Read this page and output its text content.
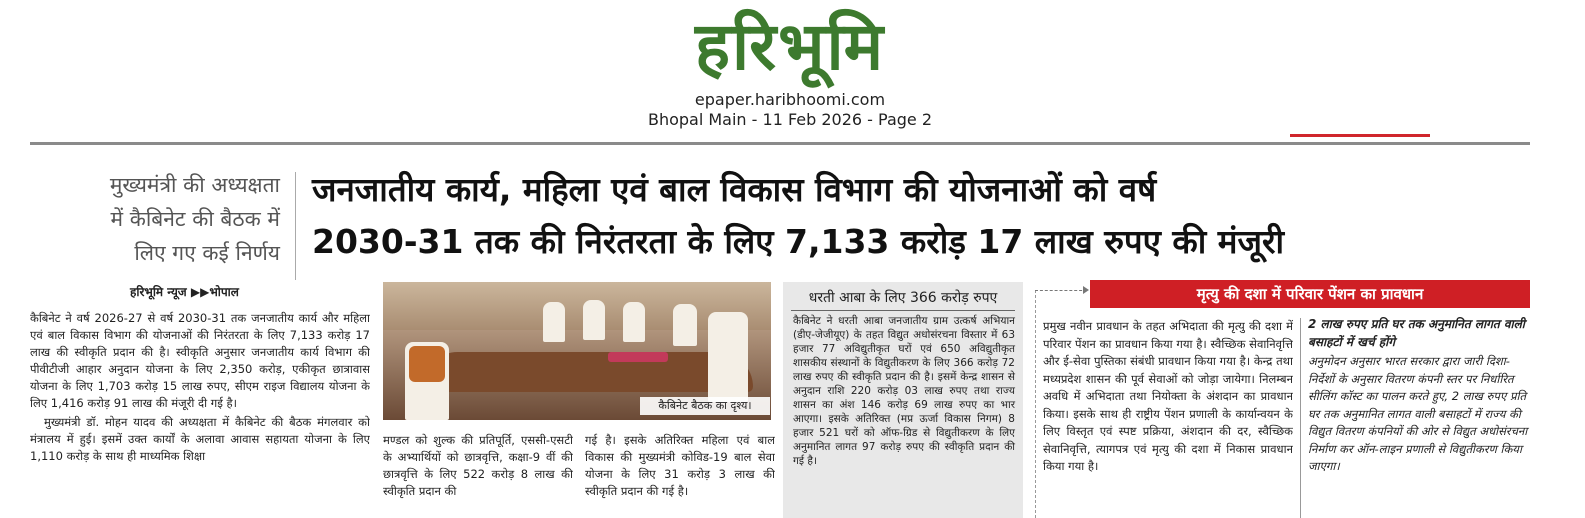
हरिभूमि
epaper.haribhoomi.com
Bhopal Main - 11 Feb 2026 - Page 2
मुख्यमंत्री की अध्यक्षता
में कैबिनेट की बैठक में
लिए गए कई निर्णय
हरिभूमि न्यूज ▶▶भोपाल
जनजातीय कार्य, महिला एवं बाल विकास विभाग की योजनाओं को वर्ष
2030-31 तक की निरंतरता के लिए 7,133 करोड़ 17 लाख रुपए की मंजूरी

कैबिनेट ने वर्ष 2026-27 से वर्ष 2030-31 तक जनजातीय कार्य और महिला एवं बाल विकास विभाग की योजनाओं की निरंतरता के लिए 7,133 करोड़ 17 लाख की स्वीकृति प्रदान की है। स्वीकृति अनुसार जनजातीय कार्य विभाग की पीवीटीजी आहार अनुदान योजना के लिए 2,350 करोड़, एकीकृत छात्रावास योजना के लिए 1,703 करोड़ 15 लाख रुपए, सीएम राइज विद्यालय योजना के लिए 1,416 करोड़ 91 लाख की मंजूरी दी गई है।

मुख्यमंत्री डॉ. मोहन यादव की अध्यक्षता में कैबिनेट की बैठक मंगलवार को मंत्रालय में हुई। इसमें उक्त कार्यों के अलावा आवास सहायता योजना के लिए 1,110 करोड़ के साथ ही माध्यमिक शिक्षा

कैबिनेट बैठक का दृश्य।
मण्डल को शुल्क की प्रतिपूर्ति, एससी-एसटी के अभ्यार्थियों को छात्रवृत्ति, कक्षा-9 वीं की छात्रवृत्ति के लिए 522 करोड़ 8 लाख की स्वीकृति प्रदान की
गई है। इसके अतिरिक्त महिला एवं बाल विकास की मुख्यमंत्री कोविड-19 बाल सेवा योजना के लिए 31 करोड़ 3 लाख की स्वीकृति प्रदान की गई है।
धरती आबा के लिए 366 करोड़ रुपए
कैबिनेट ने धरती आबा जनजातीय ग्राम उत्कर्ष अभियान (डीए-जेजीयूए) के तहत विद्युत अधोसंरचना विस्तार में 63 हजार 77 अविद्युतीकृत घरों एवं 650 अविद्युतीकृत शासकीय संस्थानों के विद्युतीकरण के लिए 366 करोड़ 72 लाख रुपए की स्वीकृति प्रदान की है। इसमें केन्द्र शासन से अनुदान राशि 220 करोड़ 03 लाख रुपए तथा राज्य शासन का अंश 146 करोड़ 69 लाख रुपए का भार आएगा। इसके अतिरिक्त (मप्र ऊर्जा विकास निगम) 8 हजार 521 घरों को ऑफ-ग्रिड से विद्युतीकरण के लिए अनुमानित लागत 97 करोड़ रुपए की स्वीकृति प्रदान की गई है।
मृत्यु की दशा में परिवार पेंशन का प्रावधान
प्रमुख नवीन प्रावधान के तहत अभिदाता की मृत्यु की दशा में परिवार पेंशन का प्रावधान किया गया है। स्वैच्छिक सेवानिवृत्ति और ई-सेवा पुस्तिका संबंधी प्रावधान किया गया है। केन्द्र तथा मध्यप्रदेश शासन की पूर्व सेवाओं को जोड़ा जायेगा। निलम्बन अवधि में अभिदाता तथा नियोक्ता के अंशदान का प्रावधान किया। इसके साथ ही राष्ट्रीय पेंशन प्रणाली के कार्यान्वयन के लिए विस्तृत एवं स्पष्ट प्रक्रिया, अंशदान की दर, स्वैच्छिक सेवानिवृत्ति, त्यागपत्र एवं मृत्यु की दशा में निकास प्रावधान किया गया है।
2 लाख रुपए प्रति घर तक अनुमानित लागत वाली बसाहटों में खर्च होंगे
अनुमोदन अनुसार भारत सरकार द्वारा जारी दिशा-निर्देशों के अनुसार वितरण कंपनी स्तर पर निर्धारित सीलिंग कॉस्ट का पालन करते हुए, 2 लाख रुपए प्रति घर तक अनुमानित लागत वाली बसाहटों में राज्य की विद्युत वितरण कंपनियों की ओर से विद्युत अधोसंरचना निर्माण कर ऑन-लाइन प्रणाली से विद्युतीकरण किया जाएगा।
